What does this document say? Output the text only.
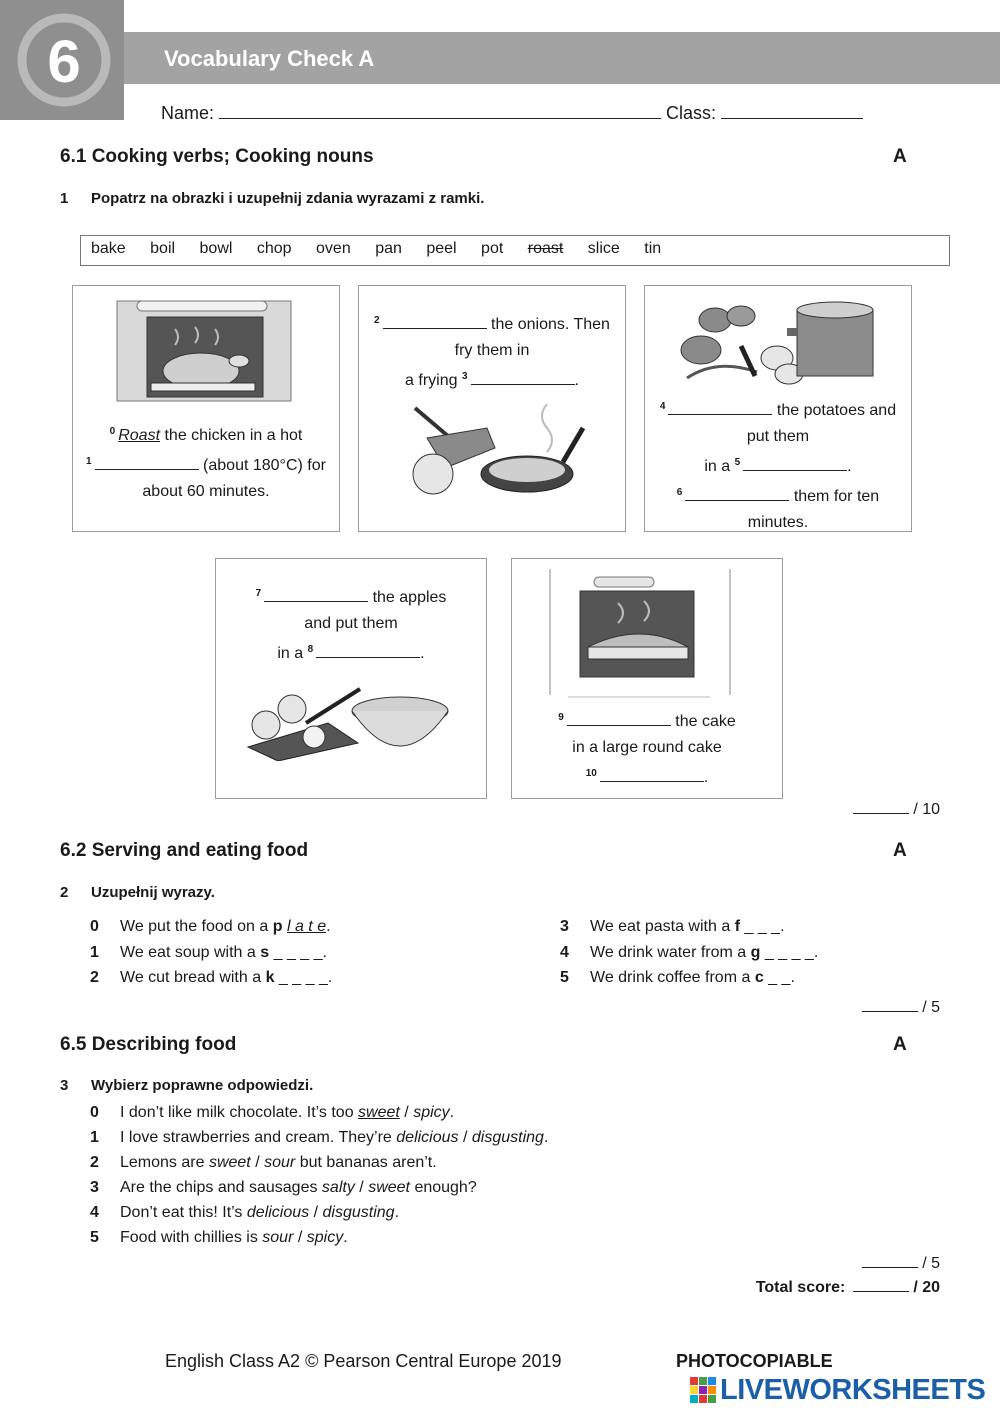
6	Vocabulary Check A
Name:	Class:
6.1 Cooking verbs; Cooking nouns	A
1 Popatrz na obrazki i uzupełnij zdania wyrazami z ramki.
bake boil bowl chop oven pan peel pot roast slice tin
$^0$ Roast the chicken in a hot
$^1$	(about 180°C) for
about 60 minutes.
$^2$	the onions. Then
fry them in
a frying $^3$	.
$^4$	the potatoes and
put them
in a $^5$	.
$^6$	them for ten
minutes.
$^7$	the apples
and put them
in a $^8$	.
$^9$	the cake
in a large round cake
$^{10}$	.
/ 10
6.2 Serving and eating food	A
2 Uzupełnij wyrazy.
0 We put the food on a p l a t e.
1 We eat soup with a s _ _ _ _.
2 We cut bread with a k _ _ _ _.
3 We eat pasta with a f _ _ _.
4 We drink water from a g _ _ _ _.
5 We drink coffee from a c _ _.
/ 5
6.5 Describing food	A
3 Wybierz poprawne odpowiedzi.
0 I don’t like milk chocolate. It’s too sweet / spicy.
1 I love strawberries and cream. They’re delicious / disgusting.
2 Lemons are sweet / sour but bananas aren’t.
3 Are the chips and sausages salty / sweet enough?
4 Don’t eat this! It’s delicious / disgusting.
5 Food with chillies is sour / spicy.
/ 5
Total score:	/ 20
English Class A2 © Pearson Central Europe 2019	PHOTOCOPIABLE
LIVEWORKSHEETS
